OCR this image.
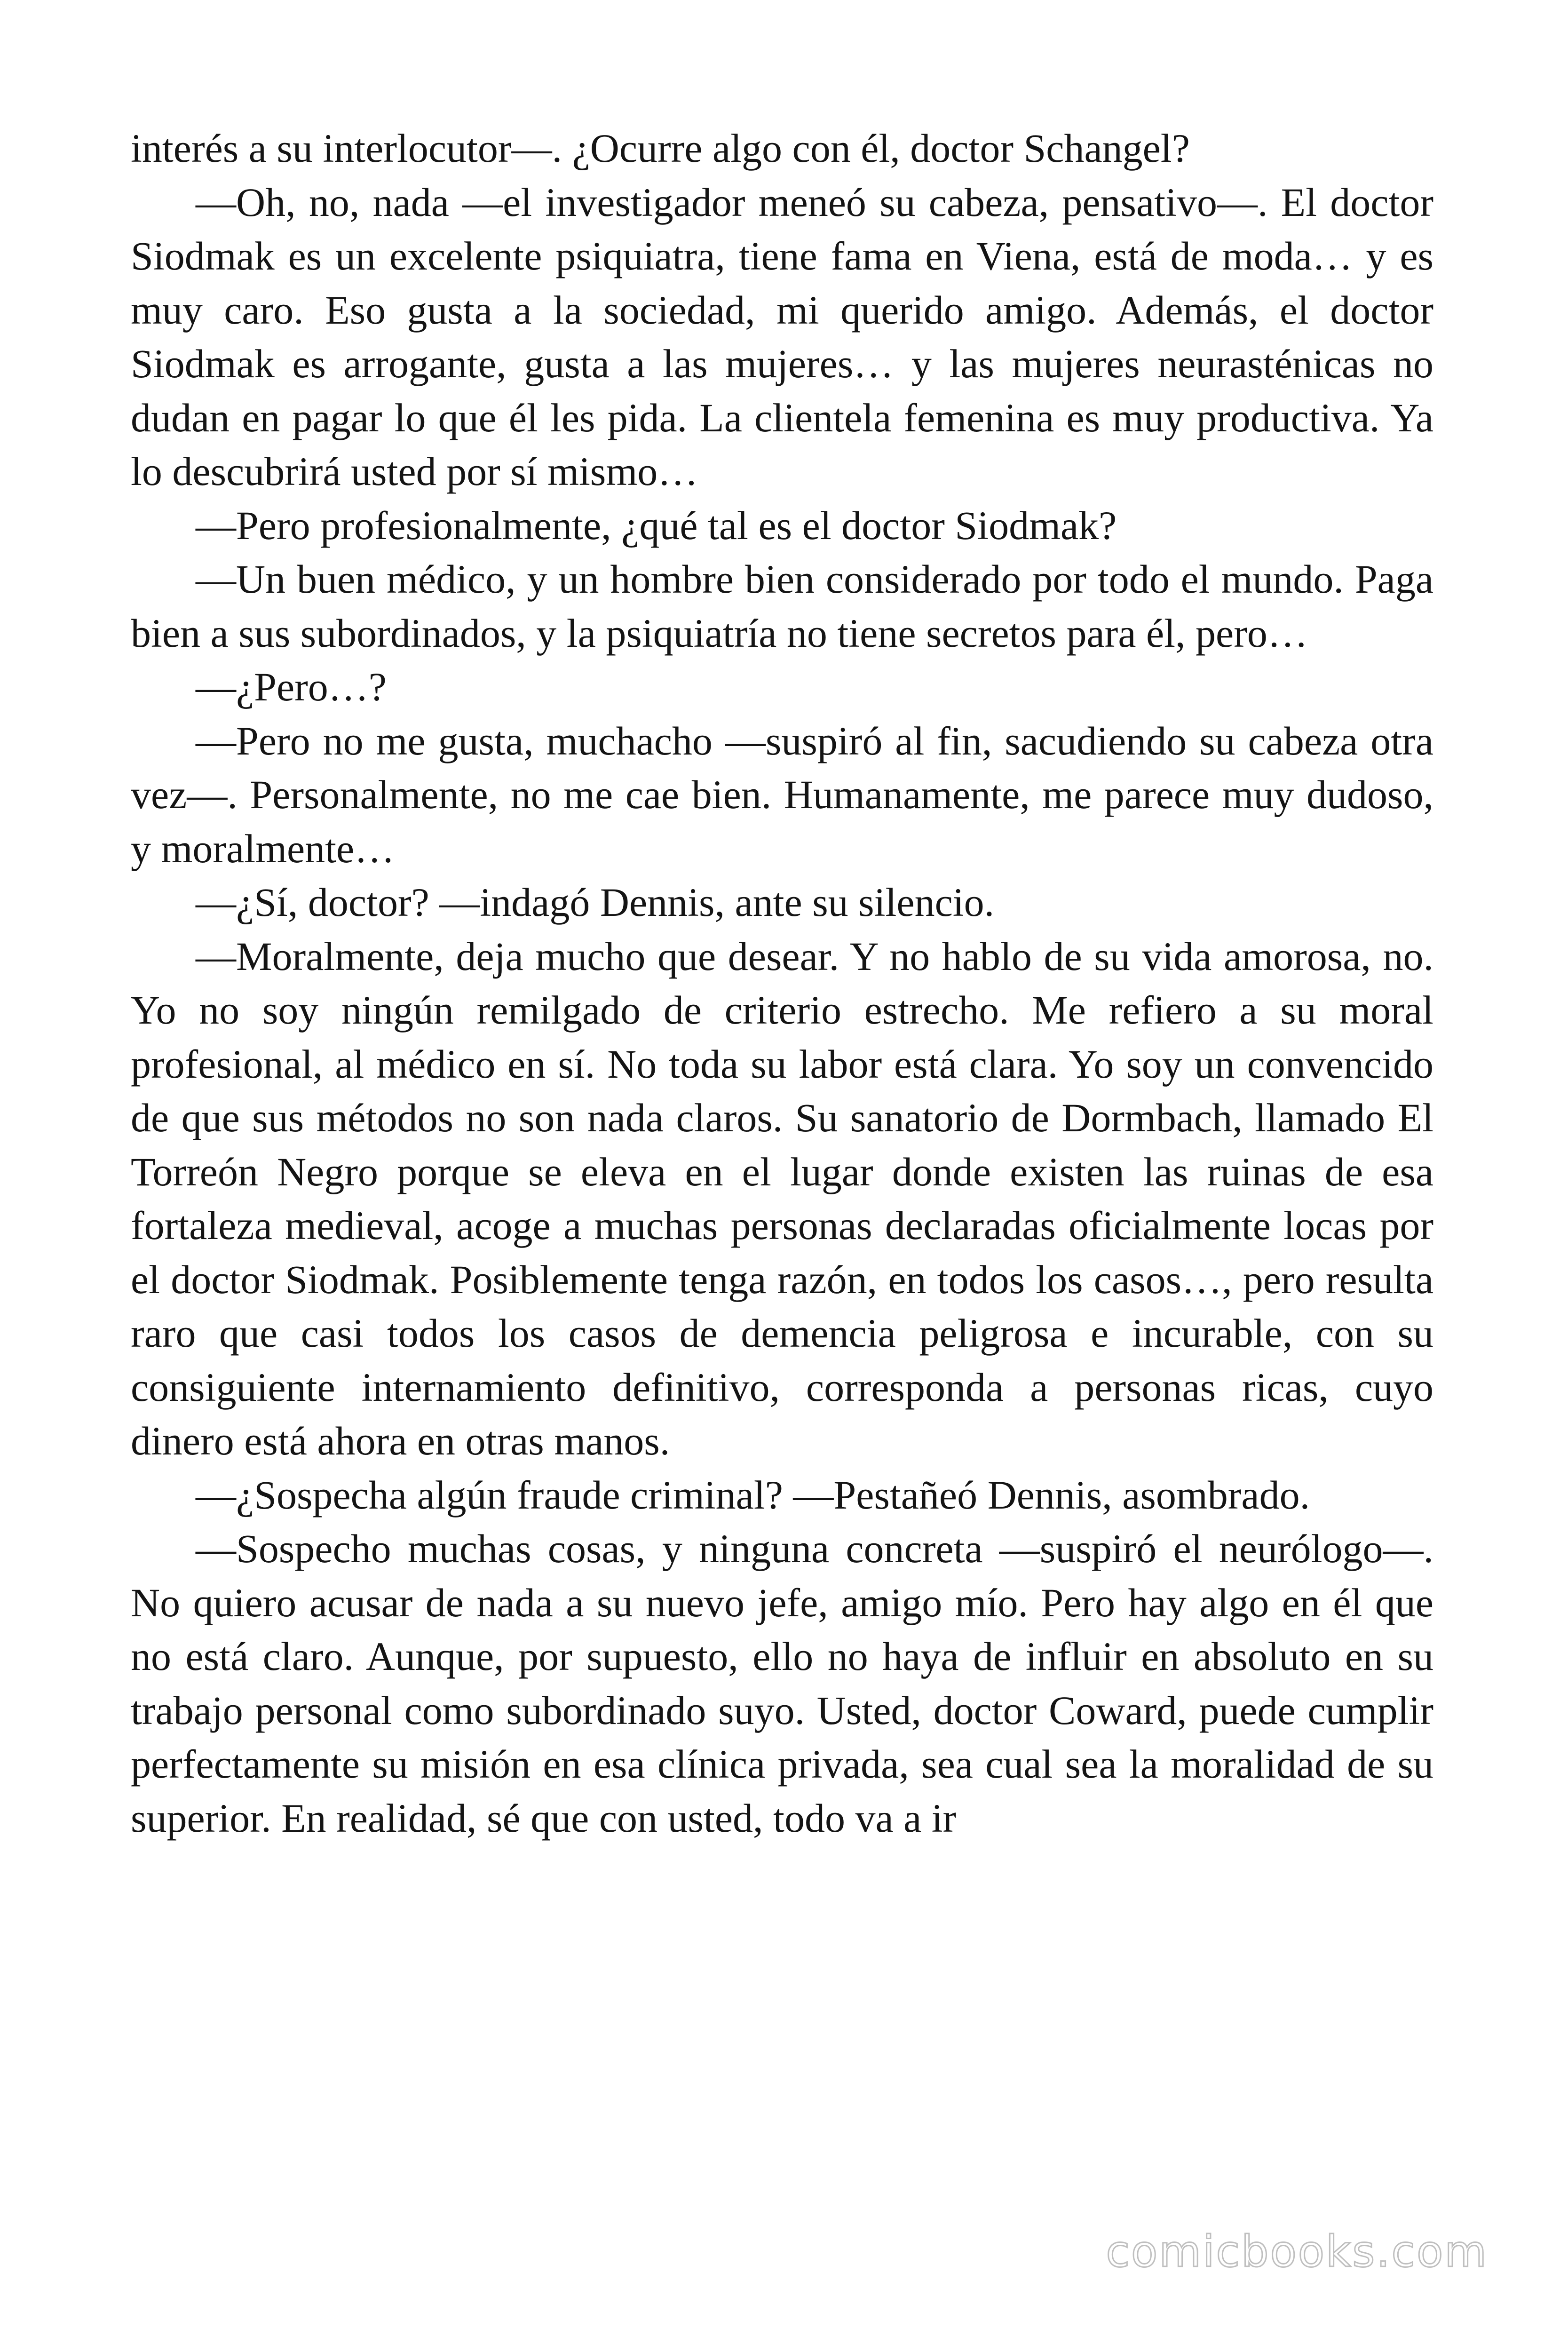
interés a su interlocutor—. ¿Ocurre algo con él, doctor Schangel?

—Oh, no, nada —el investigador meneó su cabeza, pensativo—. El doctor Siodmak es un excelente psiquiatra, tiene fama en Viena, está de moda… y es muy caro. Eso gusta a la sociedad, mi querido amigo. Además, el doctor Siodmak es arrogante, gusta a las mujeres… y las mujeres neurasténicas no dudan en pagar lo que él les pida. La clientela femenina es muy productiva. Ya lo descubrirá usted por sí mismo…

—Pero profesionalmente, ¿qué tal es el doctor Siodmak?

—Un buen médico, y un hombre bien considerado por todo el mundo. Paga bien a sus subordinados, y la psiquiatría no tiene secretos para él, pero…

—¿Pero…?

—Pero no me gusta, muchacho —suspiró al fin, sacudiendo su cabeza otra vez—. Personalmente, no me cae bien. Humanamente, me parece muy dudoso, y moralmente…

—¿Sí, doctor? —indagó Dennis, ante su silencio.

—Moralmente, deja mucho que desear. Y no hablo de su vida amorosa, no. Yo no soy ningún remilgado de criterio estrecho. Me refiero a su moral profesional, al médico en sí. No toda su labor está clara. Yo soy un convencido de que sus métodos no son nada claros. Su sanatorio de Dormbach, llamado El Torreón Negro porque se eleva en el lugar donde existen las ruinas de esa fortaleza medieval, acoge a muchas personas declaradas oficialmente locas por el doctor Siodmak. Posiblemente tenga razón, en todos los casos…, pero resulta raro que casi todos los casos de demencia peligrosa e incurable, con su consiguiente internamiento definitivo, corresponda a personas ricas, cuyo dinero está ahora en otras manos.

—¿Sospecha algún fraude criminal? —Pestañeó Dennis, asombrado.

—Sospecho muchas cosas, y ninguna concreta —suspiró el neurólogo—. No quiero acusar de nada a su nuevo jefe, amigo mío. Pero hay algo en él que no está claro. Aunque, por supuesto, ello no haya de influir en absoluto en su trabajo personal como subordinado suyo. Usted, doctor Coward, puede cumplir perfectamente su misión en esa clínica privada, sea cual sea la moralidad de su superior. En realidad, sé que con usted, todo va a ir

comicbooks.com
